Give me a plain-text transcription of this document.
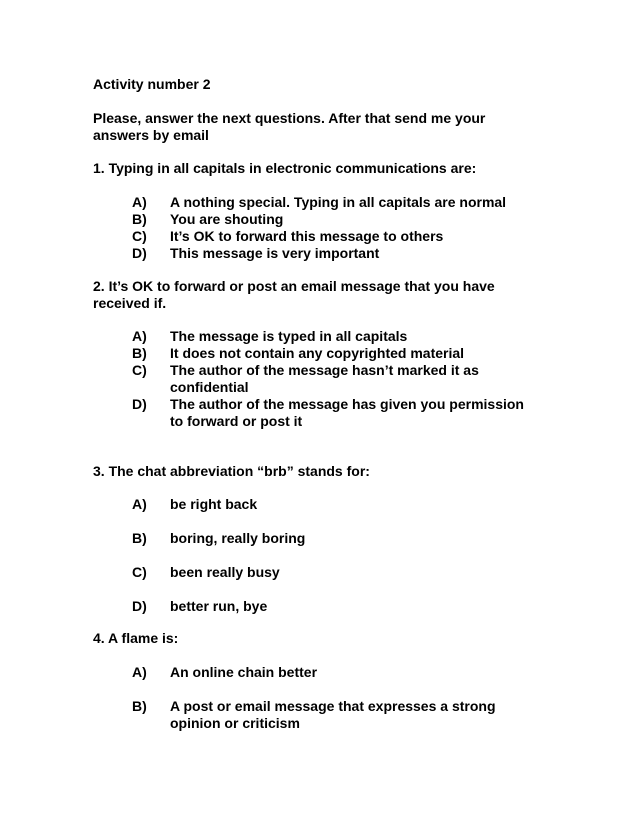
Activity number 2
Please, answer the next questions. After that send me your
answers by email
1. Typing in all capitals in electronic communications are:
A) A nothing special. Typing in all capitals are normal
B) You are shouting
C) It’s OK to forward this message to others
D) This message is very important
2. It’s OK to forward or post an email message that you have
received if.
A) The message is typed in all capitals
B) It does not contain any copyrighted material
C) The author of the message hasn’t marked it as
confidential
D) The author of the message has given you permission
to forward or post it
3. The chat abbreviation “brb” stands for:
A) be right back
B) boring, really boring
C) been really busy
D) better run, bye
4. A flame is:
A) An online chain better
B) A post or email message that expresses a strong
opinion or criticism
